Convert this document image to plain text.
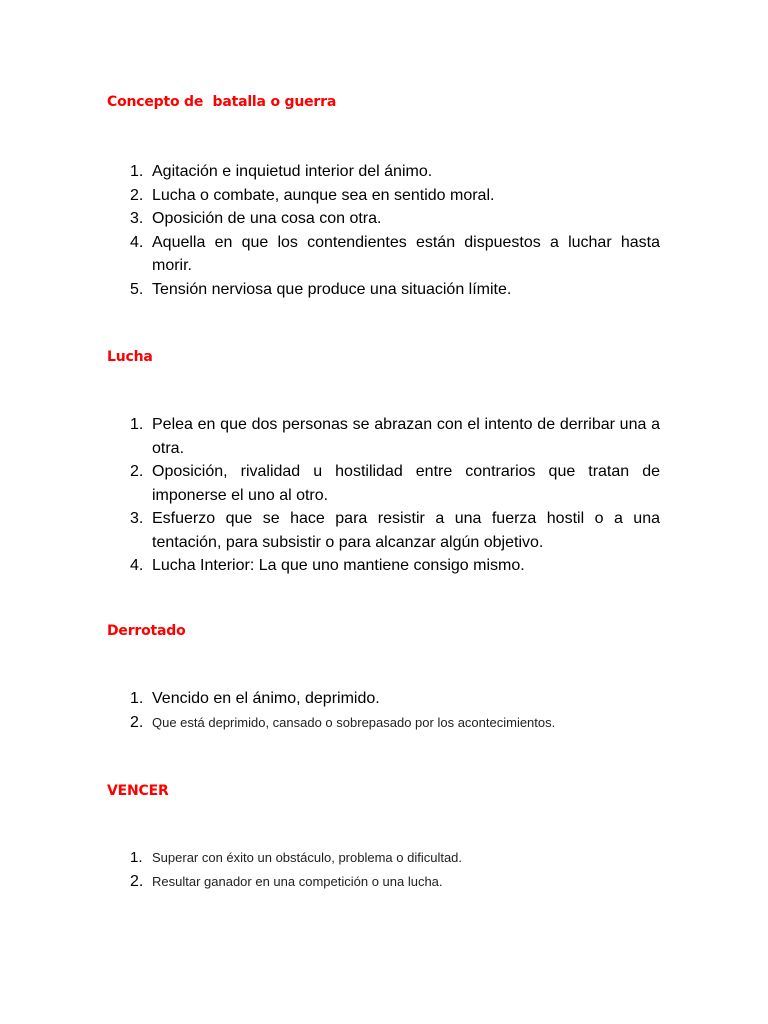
Concepto de  batalla o guerra
1. Agitación e inquietud interior del ánimo.
2. Lucha o combate, aunque sea en sentido moral.
3. Oposición de una cosa con otra.
4. Aquella en que los contendientes están dispuestos a luchar hasta morir.
5. Tensión nerviosa que produce una situación límite.
Lucha
1. Pelea en que dos personas se abrazan con el intento de derribar una a otra.
2. Oposición, rivalidad u hostilidad entre contrarios que tratan de imponerse el uno al otro.
3. Esfuerzo que se hace para resistir a una fuerza hostil o a una tentación, para subsistir o para alcanzar algún objetivo.
4. Lucha Interior: La que uno mantiene consigo mismo.
Derrotado
1. Vencido en el ánimo, deprimido.
2. Que está deprimido, cansado o sobrepasado por los acontecimientos.
VENCER
1. Superar con éxito un obstáculo, problema o dificultad.
2. Resultar ganador en una competición o una lucha.
